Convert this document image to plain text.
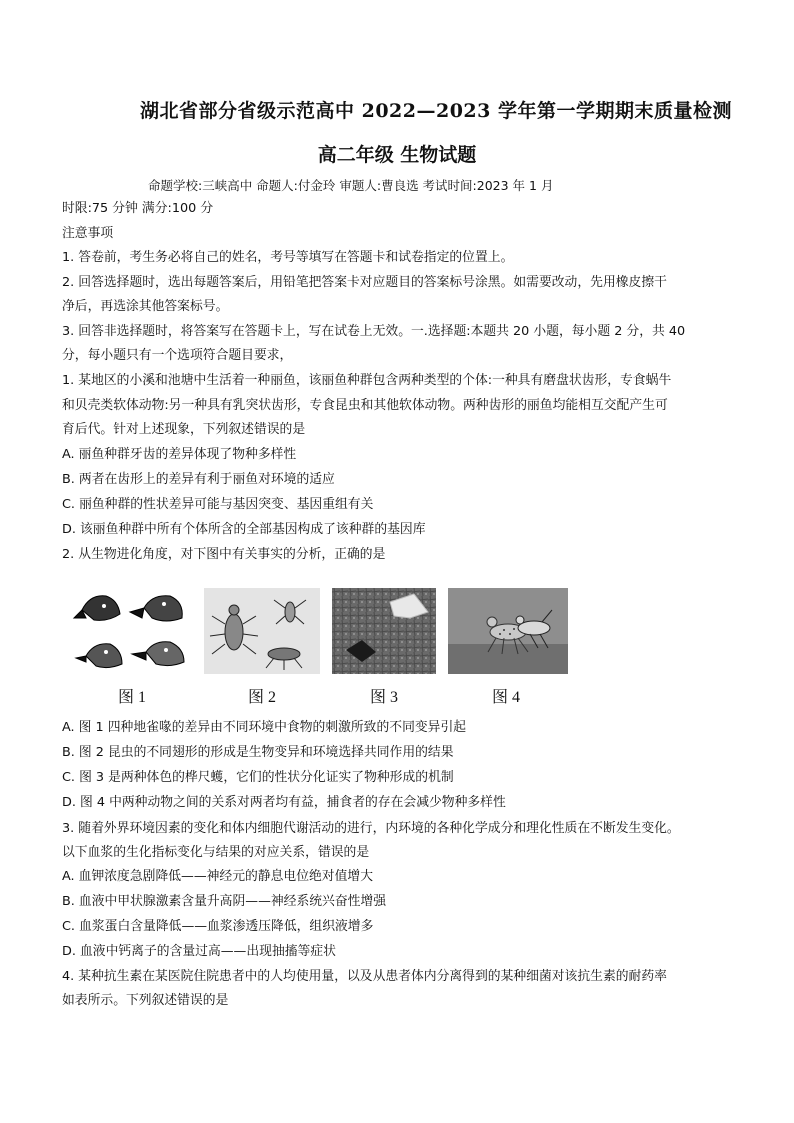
湖北省部分省级示范高中 2022—2023 学年第一学期期末质量检测
高二年级 生物试题
命题学校:三峡高中 命题人:付金玲 审题人:曹良选 考试时间:2023 年 1 月
时限:75 分钟 满分:100 分
注意事项
1. 答卷前，考生务必将自己的姓名，考号等填写在答题卡和试卷指定的位置上。
2. 回答选择题时，选出每题答案后，用铅笔把答案卡对应题目的答案标号涂黑。如需要改动，先用橡皮擦干
净后，再选涂其他答案标号。
3. 回答非选择题时，将答案写在答题卡上，写在试卷上无效。一.选择题:本题共 20 小题，每小题 2 分，共 40
分，每小题只有一个选项符合题目要求，
1. 某地区的小溪和池塘中生活着一种丽鱼，该丽鱼种群包含两种类型的个体:一种具有磨盘状齿形，专食蜗牛
和贝壳类软体动物:另一种具有乳突状齿形，专食昆虫和其他软体动物。两种齿形的丽鱼均能相互交配产生可
育后代。针对上述现象，下列叙述错误的是
A. 丽鱼种群牙齿的差异体现了物种多样性
B. 两者在齿形上的差异有利于丽鱼对环境的适应
C. 丽鱼种群的性状差异可能与基因突变、基因重组有关
D. 该丽鱼种群中所有个体所含的全部基因构成了该种群的基因库
2. 从生物进化角度，对下图中有关事实的分析，正确的是
图 1	图 2	图 3	图 4
A. 图 1 四种地雀喙的差异由不同环境中食物的刺激所致的不同变异引起
B. 图 2 昆虫的不同翅形的形成是生物变异和环境选择共同作用的结果
C. 图 3 是两种体色的桦尺蠖，它们的性状分化证实了物种形成的机制
D. 图 4 中两种动物之间的关系对两者均有益，捕食者的存在会减少物种多样性
3. 随着外界环境因素的变化和体内细胞代谢活动的进行，内环境的各种化学成分和理化性质在不断发生变化。
以下血浆的生化指标变化与结果的对应关系，错误的是
A. 血钾浓度急剧降低——神经元的静息电位绝对值增大
B. 血液中甲状腺激素含量升高阴——神经系统兴奋性增强
C. 血浆蛋白含量降低——血浆渗透压降低，组织液增多
D. 血液中钙离子的含量过高——出现抽搐等症状
4. 某种抗生素在某医院住院患者中的人均使用量，以及从患者体内分离得到的某种细菌对该抗生素的耐药率
如表所示。下列叙述错误的是
